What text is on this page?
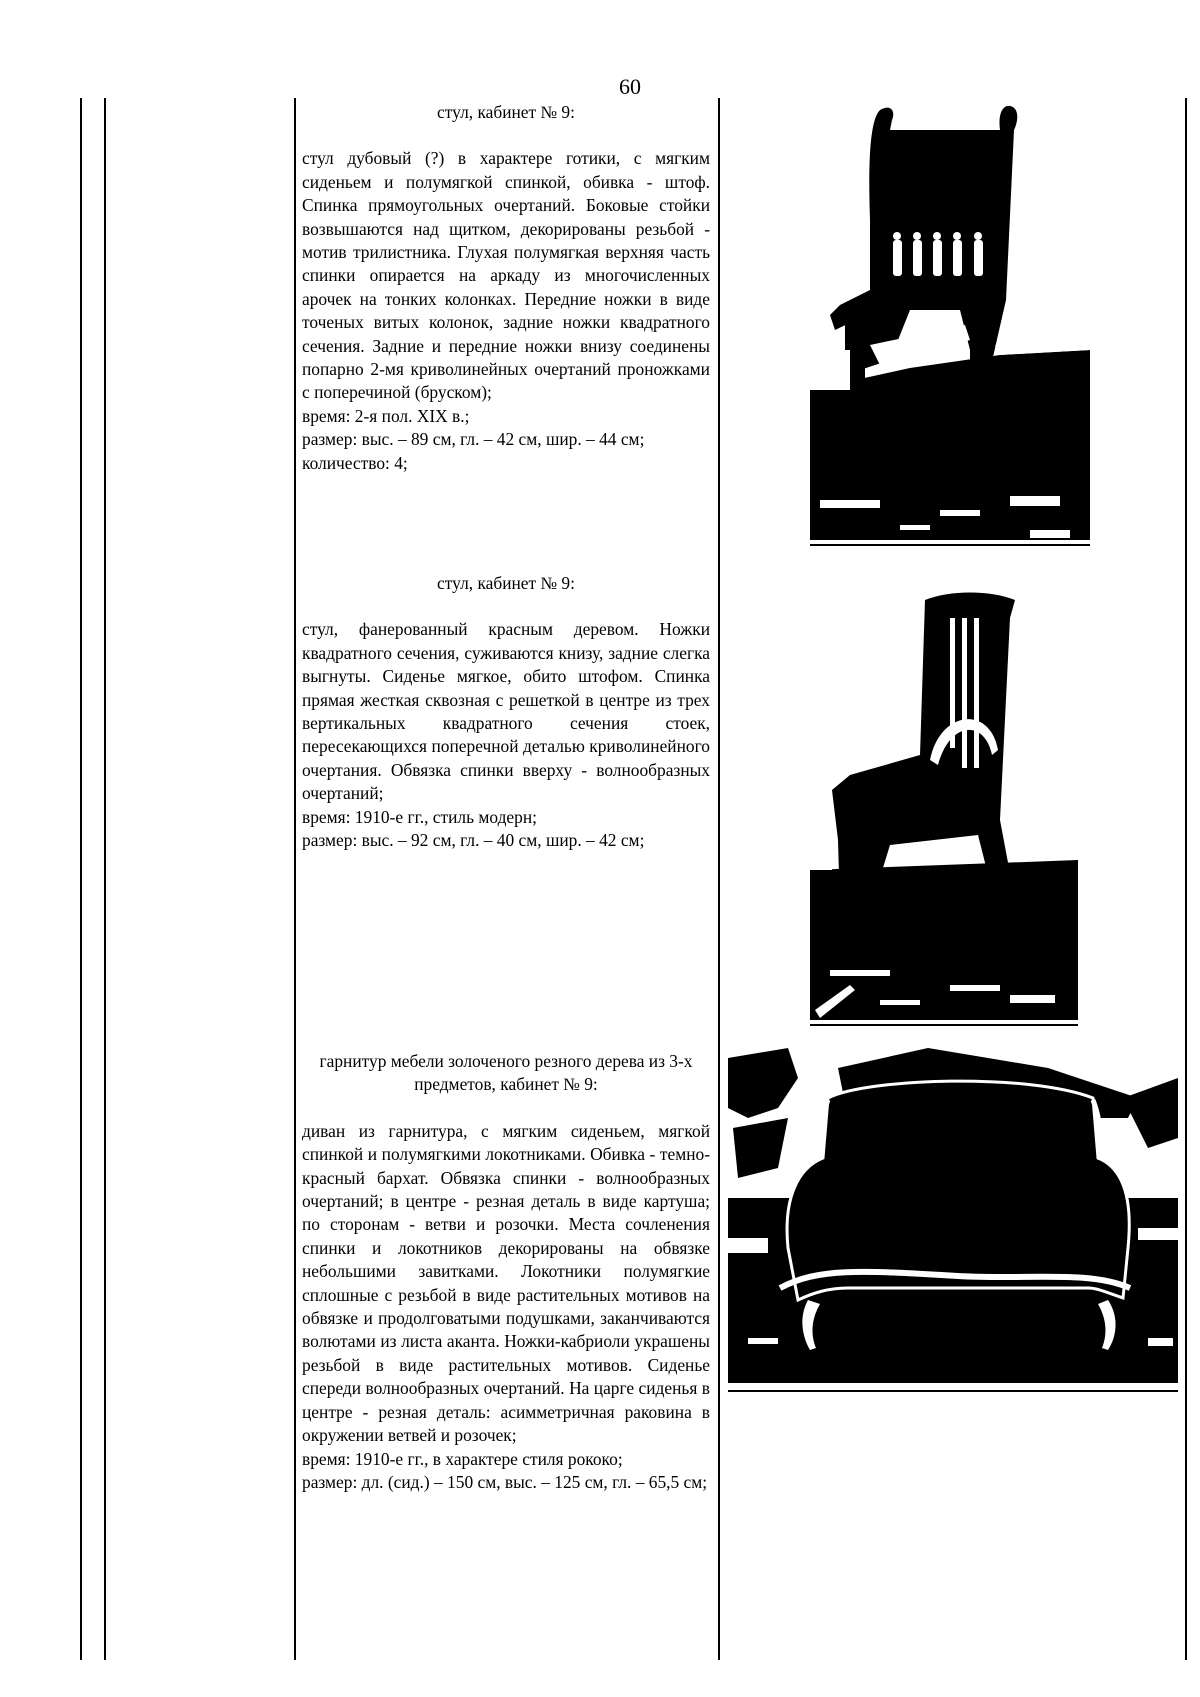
60
стул, кабинет № 9:
стул дубовый (?) в характере готики, с мягким сиденьем и полумягкой спинкой, обивка - штоф. Спинка прямоугольных очертаний. Боковые стойки возвышаются над щитком, декорированы резьбой - мотив трилистника. Глухая полумягкая верхняя часть спинки опирается на аркаду из многочисленных арочек на тонких колонках. Передние ножки в виде точеных витых колонок, задние ножки квадратного сечения. Задние и передние ножки внизу соединены попарно 2-мя криволинейных очертаний проножками с поперечиной (бруском);
время: 2-я пол. XIX в.;
размер: выс. – 89 см, гл. – 42 см, шир. – 44 см;
количество: 4;
стул, кабинет № 9:
стул, фанерованный красным деревом. Ножки квадратного сечения, суживаются книзу, задние слегка выгнуты. Сиденье мягкое, обито штофом. Спинка прямая жесткая сквозная с решеткой в центре из трех вертикальных квадратного сечения стоек, пересекающихся поперечной деталью криволинейного очертания. Обвязка спинки вверху - волнообразных очертаний;
время: 1910-е гг., стиль модерн;
размер: выс. – 92 см, гл. – 40 см, шир. – 42 см;
гарнитур мебели золоченого резного дерева из 3-х предметов, кабинет № 9:
диван из гарнитура, с мягким сиденьем, мягкой спинкой и полумягкими локотниками. Обивка - темно-красный бархат. Обвязка спинки - волнообразных очертаний; в центре - резная деталь в виде картуша; по сторонам - ветви и розочки. Места сочленения спинки и локотников декорированы на обвязке небольшими завитками. Локотники полумягкие сплошные с резьбой в виде растительных мотивов на обвязке и продолговатыми подушками, заканчиваются волютами из листа аканта. Ножки-кабриоли украшены резьбой в виде растительных мотивов. Сиденье спереди волнообразных очертаний. На царге сиденья в центре - резная деталь: асимметричная раковина в окружении ветвей и розочек;
время: 1910-е гг., в характере стиля рококо;
размер: дл. (сид.) – 150 см, выс. – 125 см, гл. – 65,5 см;
